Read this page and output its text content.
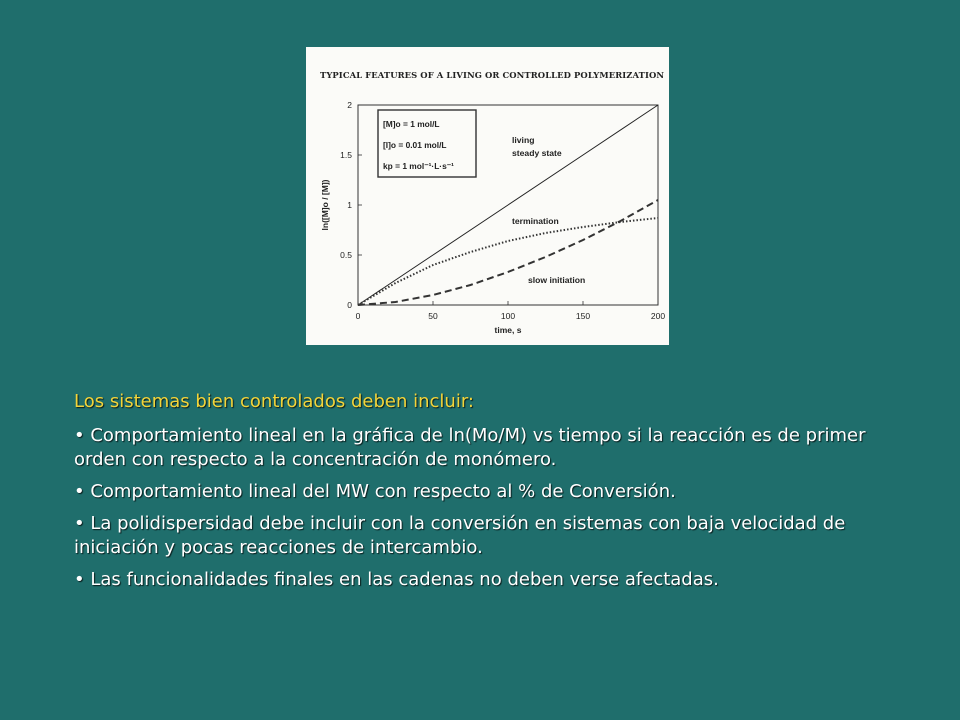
TYPICAL FEATURES OF A LIVING OR CONTROLLED POLYMERIZATION
0	50	100	150	200
0
0.5
1
1.5
2
time, s
ln([M]o / [M])
[M]o = 1 mol/L
[I]o = 0.01 mol/L
kp = 1 mol⁻¹·L·s⁻¹
living
steady state
termination
slow initiation

Los sistemas bien controlados deben incluir:

• Comportamiento lineal en la gráfica de ln(Mo/M) vs tiempo si la reacción es de primer orden con respecto a la concentración de monómero.

• Comportamiento lineal del MW con respecto al % de Conversión.

• La polidispersidad debe incluir con la conversión en sistemas con baja velocidad de iniciación y pocas reacciones de intercambio.

• Las funcionalidades finales en las cadenas no deben verse afectadas.
